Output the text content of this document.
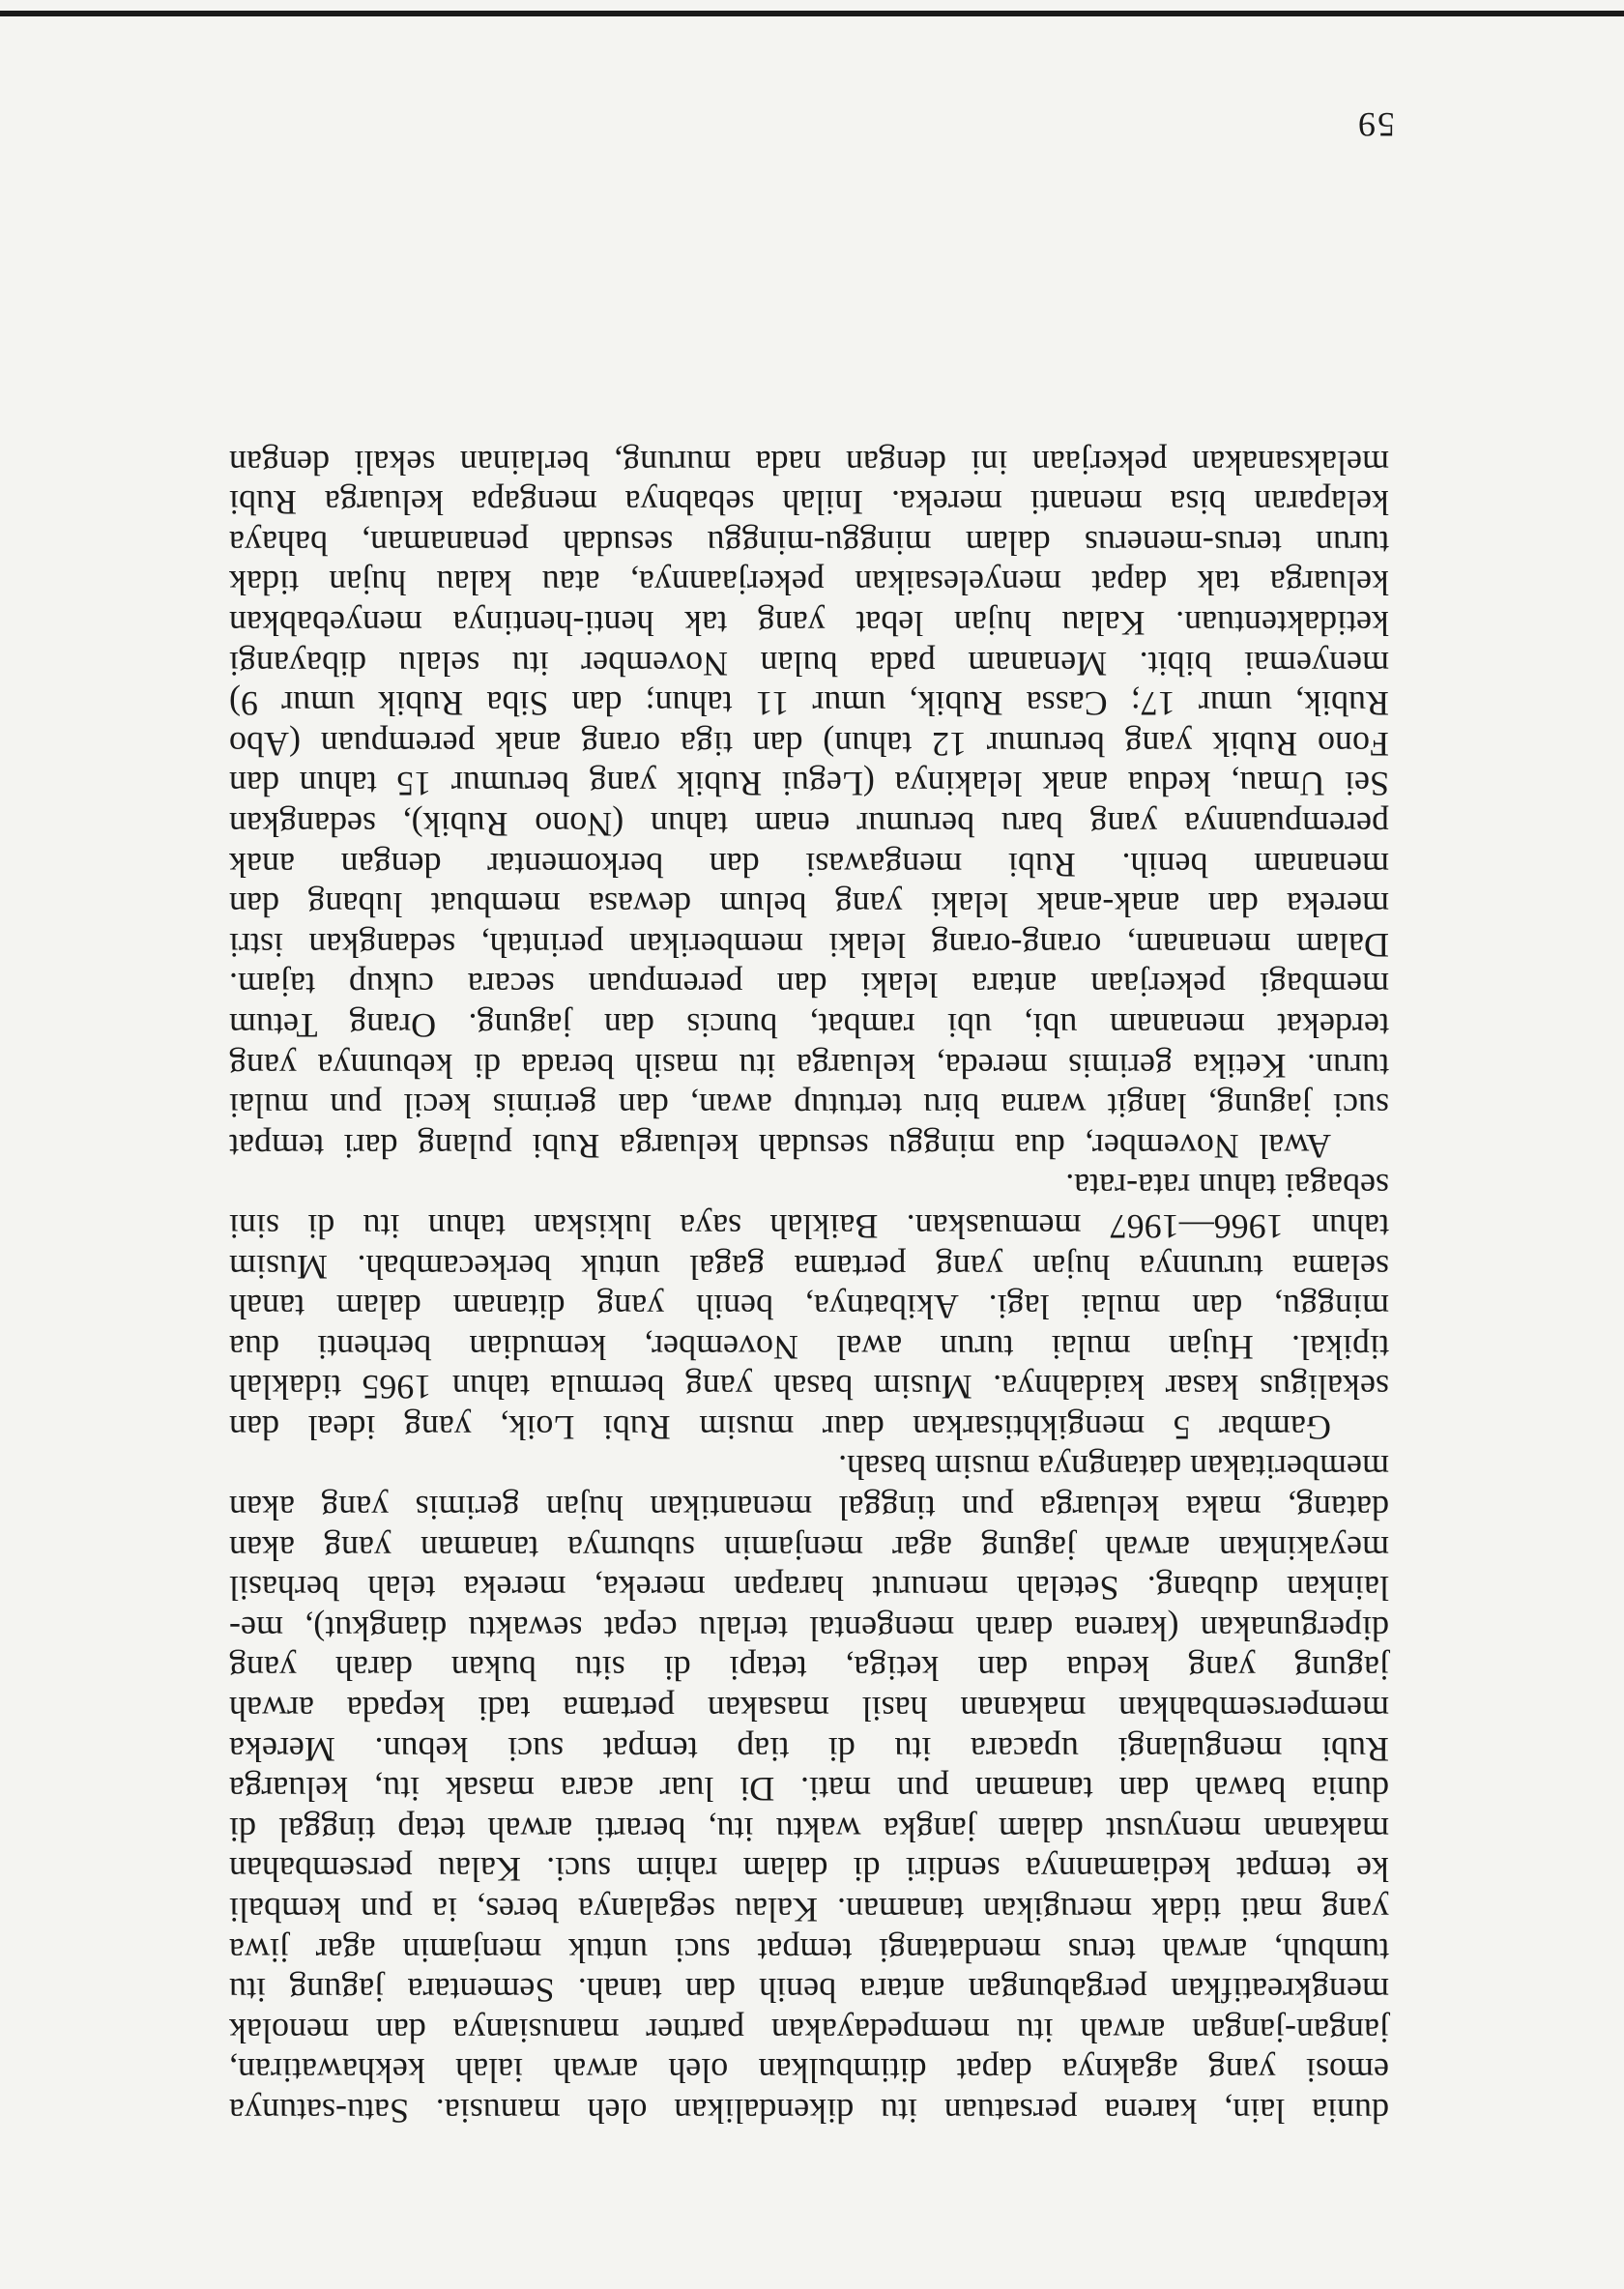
dunia lain, karena persatuan itu dikendalikan oleh manusia. Satu-satunya
emosi yang agaknya dapat ditimbulkan oleh arwah ialah kekhawatiran,
jangan-jangan arwah itu mempedayakan partner manusianya dan menolak
mengkreatifkan pergabungan antara benih dan tanah. Sementara jagung itu
tumbuh, arwah terus mendatangi tempat suci untuk menjamin agar jiwa
yang mati tidak merugikan tanaman. Kalau segalanya beres, ia pun kembali
ke tempat kediamannya sendiri di dalam rahim suci. Kalau persembahan
makanan menyusut dalam jangka waktu itu, berarti arwah tetap tinggal di
dunia bawah dan tanaman pun mati. Di luar acara masak itu, keluarga
Rubi mengulangi upacara itu di tiap tempat suci kebun. Mereka
mempersembahkan makanan hasil masakan pertama tadi kepada arwah
jagung yang kedua dan ketiga, tetapi di situ bukan darah yang
dipergunakan (karena darah mengental terlalu cepat sewaktu diangkut), me-
lainkan dubang. Setelah menurut harapan mereka, mereka telah berhasil
meyakinkan arwah jagung agar menjamin suburnya tanaman yang akan
datang, maka keluarga pun tinggal menantikan hujan gerimis yang akan
memberitakan datangnya musim basah.
Gambar 5 mengikhtisarkan daur musim Rubi Loik, yang ideal dan
sekaligus kasar kaidahnya. Musim basah yang bermula tahun 1965 tidaklah
tipikal. Hujan mulai turun awal November, kemudian berhenti dua
minggu, dan mulai lagi. Akibatnya, benih yang ditanam dalam tanah
selama turunnya hujan yang pertama gagal untuk berkecambah. Musim
tahun 1966—1967 memuaskan. Baiklah saya lukiskan tahun itu di sini
sebagai tahun rata-rata.
Awal November, dua minggu sesudah keluarga Rubi pulang dari tempat
suci jagung, langit warna biru tertutup awan, dan gerimis kecil pun mulai
turun. Ketika gerimis mereda, keluarga itu masih berada di kebunnya yang
terdekat menanam ubi, ubi rambat, buncis dan jagung. Orang Tetum
membagi pekerjaan antara lelaki dan perempuan secara cukup tajam.
Dalam menanam, orang-orang lelaki memberikan perintah, sedangkan istri
mereka dan anak-anak lelaki yang belum dewasa membuat lubang dan
menanam benih. Rubi mengawasi dan berkomentar dengan anak
perempuannya yang baru berumur enam tahun (Nono Rubik), sedangkan
Sei Umau, kedua anak lelakinya (Legui Rubik yang berumur 15 tahun dan
Fono Rubik yang berumur 12 tahun) dan tiga orang anak perempuan (Abo
Rubik, umur 17; Cassa Rubik, umur 11 tahun; dan Siba Rubik umur 9)
menyemai bibit. Menanam pada bulan November itu selalu dibayangi
ketidaktentuan. Kalau hujan lebat yang tak henti-hentinya menyebabkan
keluarga tak dapat menyelesaikan pekerjaannya, atau kalau hujan tidak
turun terus-menerus dalam minggu-minggu sesudah penanaman, bahaya
kelaparan bisa menanti mereka. Inilah sebabnya mengapa keluarga Rubi
melaksanakan pekerjaan ini dengan nada murung, berlainan sekali dengan
59
